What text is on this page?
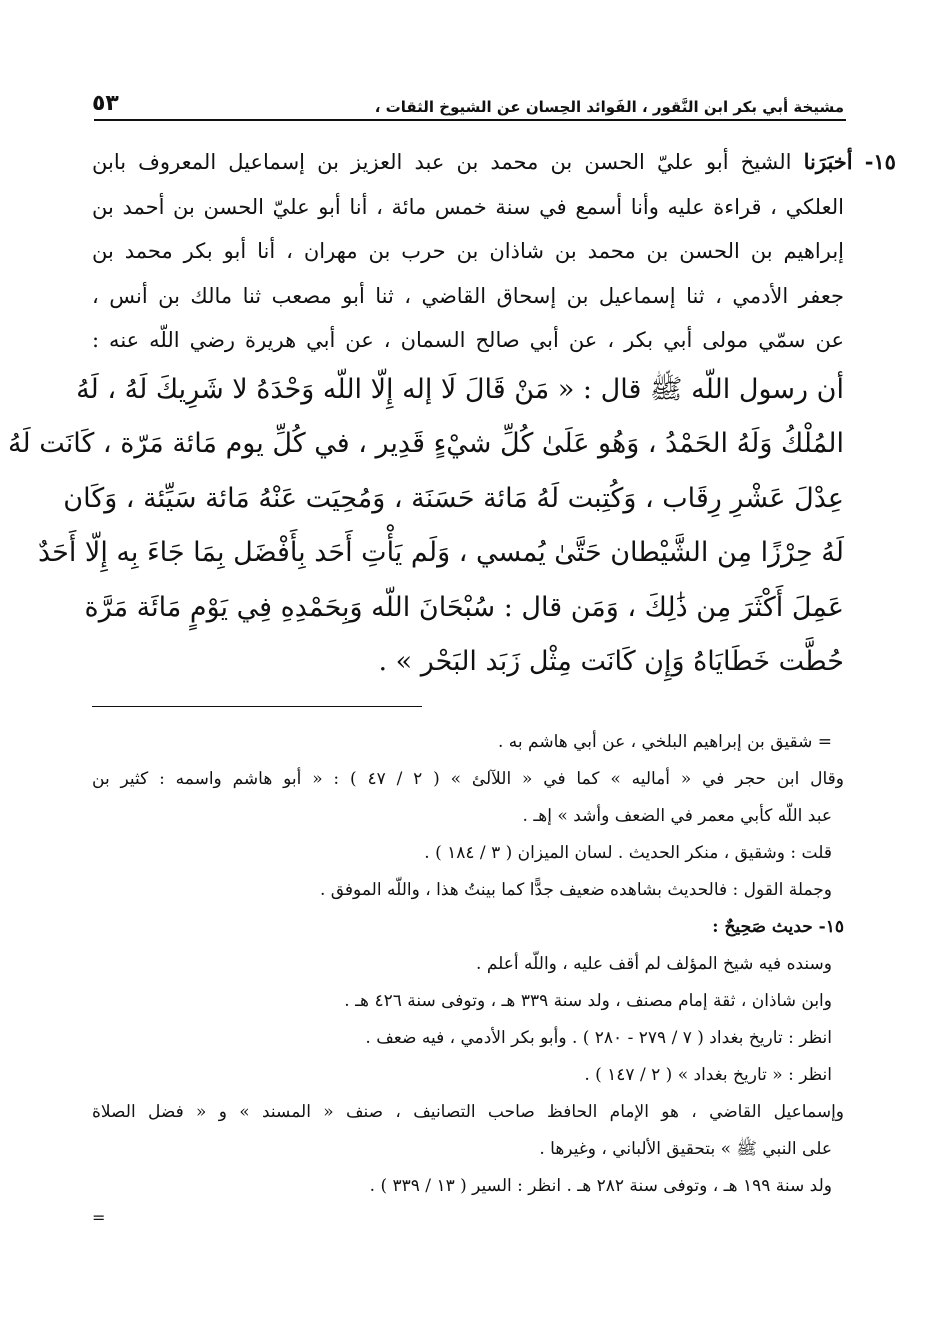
مشيخة أبي بكر ابن النَّقور ، الفَوائد الحِسان عن الشيوخ الثقات ،
٥٣
١٥- أخبَرَنا الشيخ أبو عليّ الحسن بن محمد بن عبد العزيز بن إسماعيل المعروف بابن
العلكي ، قراءة عليه وأنا أسمع في سنة خمس مائة ، أنا أبو عليّ الحسن بن أحمد بن
إبراهيم بن الحسن بن محمد بن شاذان بن حرب بن مهران ، أنا أبو بكر محمد بن
جعفر الأدمي ، ثنا إسماعيل بن إسحاق القاضي ، ثنا أبو مصعب ثنا مالك بن أنس ،
عن سمّي مولى أبي بكر ، عن أبي صالح السمان ، عن أبي هريرة رضي اللّه عنه :
أن رسول اللّه ﷺ قال : « مَنْ قَالَ لَا إله إِلّا اللّه وَحْدَهُ لا شَرِيكَ لَهُ ، لَهُ
المُلْكُ وَلَهُ الحَمْدُ ، وَهُو عَلَىٰ كُلِّ شيْءٍ قَدِير ، في كُلِّ يوم مَائة مَرّة ، كَانَت لَهُ
عِدْلَ عَشْرِ رِقَاب ، وَكُتِبت لَهُ مَائة حَسَنَة ، وَمُحِيَت عَنْهُ مَائة سَيِّئة ، وَكَان
لَهُ حِرْزًا مِن الشَّيْطان حَتَّىٰ يُمسي ، وَلَم يَأْتِ أَحَد بِأَفْضَل بِمَا جَاءَ بِه إِلّا أَحَدٌ
عَمِلَ أَكْثَرَ مِن ذَٰلِكَ ، وَمَن قال : سُبْحَانَ اللّه وَبِحَمْدِهِ فِي يَوْمٍ مَائَة مَرَّة
حُطَّت خَطَايَاهُ وَإِن كَانَت مِثْل زَبَد البَحْر » .
= شقيق بن إبراهيم البلخي ، عن أبي هاشم به .
وقال ابن حجر في « أماليه » كما في « اللآلئ » ( ٢ / ٤٧ ) : « أبو هاشم واسمه : كثير بن
عبد اللّه كأبي معمر في الضعف وأشد » إهـ .
قلت : وشقيق ، منكر الحديث . لسان الميزان ( ٣ / ١٨٤ ) .
وجملة القول : فالحديث بشاهده ضعيف جدًّا كما بينتُ هذا ، واللّه الموفق .
١٥- حديث صَحِيحٌ :
وسنده فيه شيخ المؤلف لم أقف عليه ، واللّه أعلم .
وابن شاذان ، ثقة إمام مصنف ، ولد سنة ٣٣٩ هـ ، وتوفى سنة ٤٢٦ هـ .
انظر : تاريخ بغداد ( ٧ / ٢٧٩ - ٢٨٠ ) . وأبو بكر الأدمي ، فيه ضعف .
انظر : « تاريخ بغداد » ( ٢ / ١٤٧ ) .
وإسماعيل القاضي ، هو الإمام الحافظ صاحب التصانيف ، صنف « المسند » و « فضل الصلاة
على النبي ﷺ » بتحقيق الألباني ، وغيرها .
ولد سنة ١٩٩ هـ ، وتوفى سنة ٢٨٢ هـ . انظر : السير ( ١٣ / ٣٣٩ ) .
=
